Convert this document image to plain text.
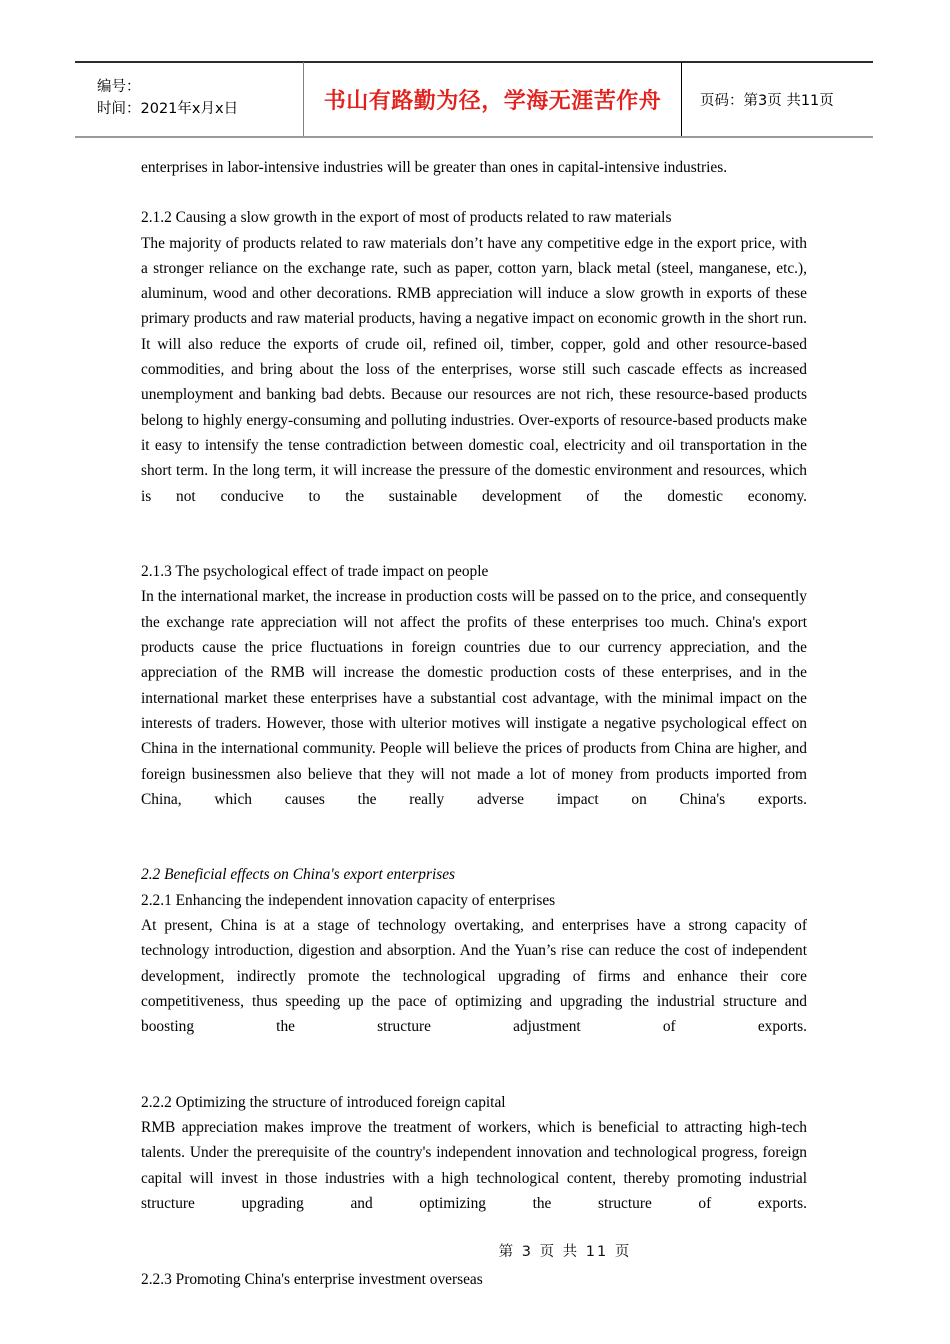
编号：
时间：2021年x月x日	书山有路勤为径，学海无涯苦作舟	页码：第3页 共11页

enterprises in labor-intensive industries will be greater than ones in capital-intensive industries.

2.1.2 Causing a slow growth in the export of most of products related to raw materials

The majority of products related to raw materials don’t have any competitive edge in the export price, with a stronger reliance on the exchange rate, such as paper, cotton yarn, black metal (steel, manganese, etc.), aluminum, wood and other decorations. RMB appreciation will induce a slow growth in exports of these primary products and raw material products, having a negative impact on economic growth in the short run. It will also reduce the exports of crude oil, refined oil, timber, copper, gold and other resource-based commodities, and bring about the loss of the enterprises, worse still such cascade effects as increased unemployment and banking bad debts. Because our resources are not rich, these resource-based products belong to highly energy-consuming and polluting industries. Over-exports of resource-based products make it easy to intensify the tense contradiction between domestic coal, electricity and oil transportation in the short term. In the long term, it will increase the pressure of the domestic environment and resources, which is not conducive to the sustainable development of the domestic economy.

2.1.3 The psychological effect of trade impact on people

In the international market, the increase in production costs will be passed on to the price, and consequently the exchange rate appreciation will not affect the profits of these enterprises too much. China's export products cause the price fluctuations in foreign countries due to our currency appreciation, and the appreciation of the RMB will increase the domestic production costs of these enterprises, and in the international market these enterprises have a substantial cost advantage, with the minimal impact on the interests of traders. However, those with ulterior motives will instigate a negative psychological effect on China in the international community. People will believe the prices of products from China are higher, and foreign businessmen also believe that they will not made a lot of money from products imported from China, which causes the really adverse impact on China's exports.

2.2 Beneficial effects on China's export enterprises

2.2.1 Enhancing the independent innovation capacity of enterprises

At present, China is at a stage of technology overtaking, and enterprises have a strong capacity of technology introduction, digestion and absorption. And the Yuan’s rise can reduce the cost of independent development, indirectly promote the technological upgrading of firms and enhance their core competitiveness, thus speeding up the pace of optimizing and upgrading the industrial structure and boosting the structure adjustment of exports.

2.2.2 Optimizing the structure of introduced foreign capital

RMB appreciation makes improve the treatment of workers, which is beneficial to attracting high-tech talents. Under the prerequisite of the country's independent innovation and technological progress, foreign capital will invest in those industries with a high technological content, thereby promoting industrial structure upgrading and optimizing the structure of exports.

2.2.3 Promoting China's enterprise investment overseas

第 3 页 共 11 页
